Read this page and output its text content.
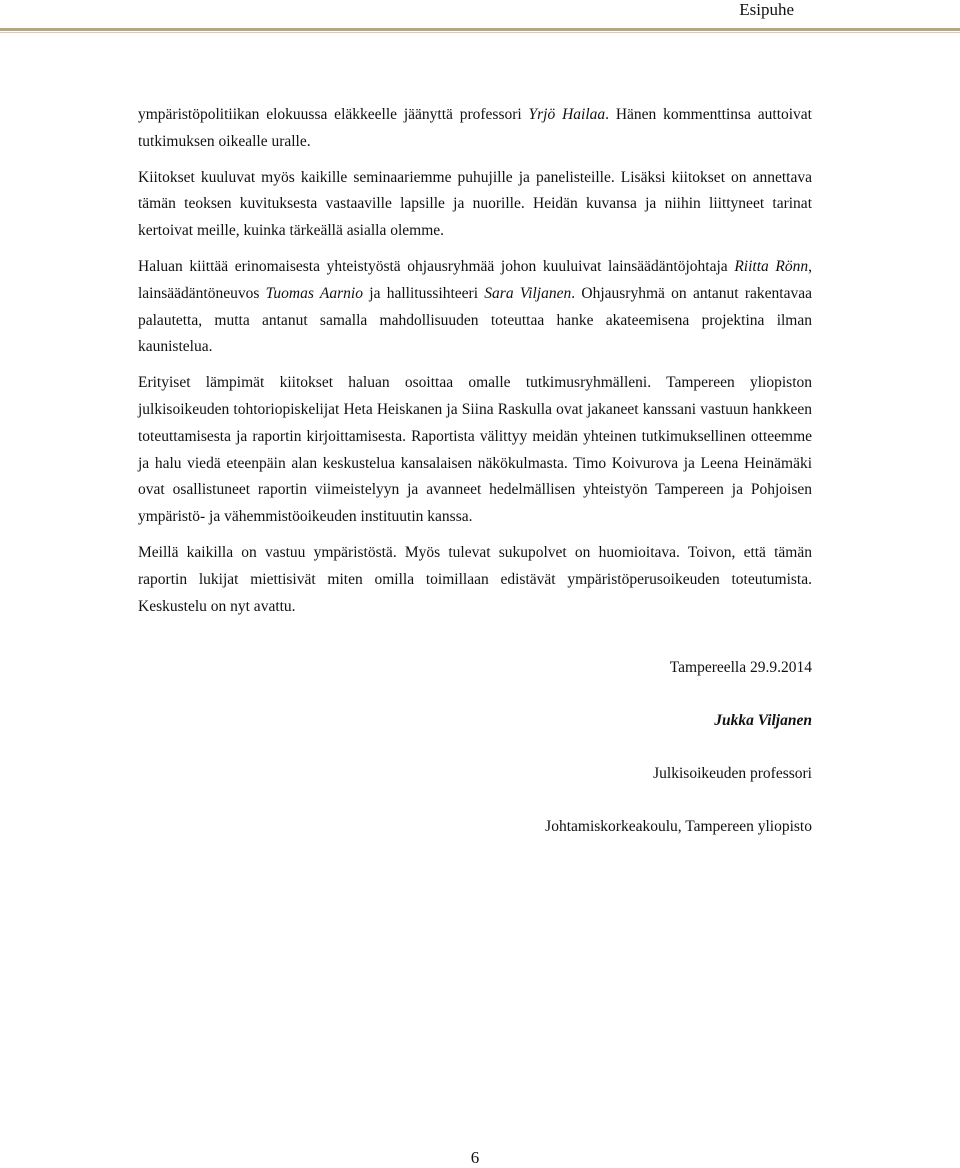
Esipuhe

ympäristöpolitiikan elokuussa eläkkeelle jäänyttä professori Yrjö Hailaa. Hänen kommenttinsa auttoivat tutkimuksen oikealle uralle.

Kiitokset kuuluvat myös kaikille seminaariemme puhujille ja panelisteille. Lisäksi kiitokset on annettava tämän teoksen kuvituksesta vastaaville lapsille ja nuorille. Heidän kuvansa ja niihin liittyneet tarinat kertoivat meille, kuinka tärkeällä asialla olemme.

Haluan kiittää erinomaisesta yhteistyöstä ohjausryhmää johon kuuluivat lainsäädäntöjohtaja Riitta Rönn, lainsäädäntöneuvos Tuomas Aarnio ja hallitussihteeri Sara Viljanen. Ohjausryhmä on antanut rakentavaa palautetta, mutta antanut samalla mahdollisuuden toteuttaa hanke akateemisena projektina ilman kaunistelua.

Erityiset lämpimät kiitokset haluan osoittaa omalle tutkimusryhmälleni. Tampereen yliopiston julkisoikeuden tohtoriopiskelijat Heta Heiskanen ja Siina Raskulla ovat jakaneet kanssani vastuun hankkeen toteuttamisesta ja raportin kirjoittamisesta. Raportista välittyy meidän yhteinen tutkimuksellinen otteemme ja halu viedä eteenpäin alan keskustelua kansalaisen näkökulmasta. Timo Koivurova ja Leena Heinämäki ovat osallistuneet raportin viimeistelyyn ja avanneet hedelmällisen yhteistyön Tampereen ja Pohjoisen ympäristö- ja vähemmistöoikeuden instituutin kanssa.

Meillä kaikilla on vastuu ympäristöstä. Myös tulevat sukupolvet on huomioitava. Toivon, että tämän raportin lukijat miettisivät miten omilla toimillaan edistävät ympäristöperusoikeuden toteutumista. Keskustelu on nyt avattu.

Tampereella 29.9.2014
Jukka Viljanen
Julkisoikeuden professori
Johtamiskorkeakoulu, Tampereen yliopisto
6
